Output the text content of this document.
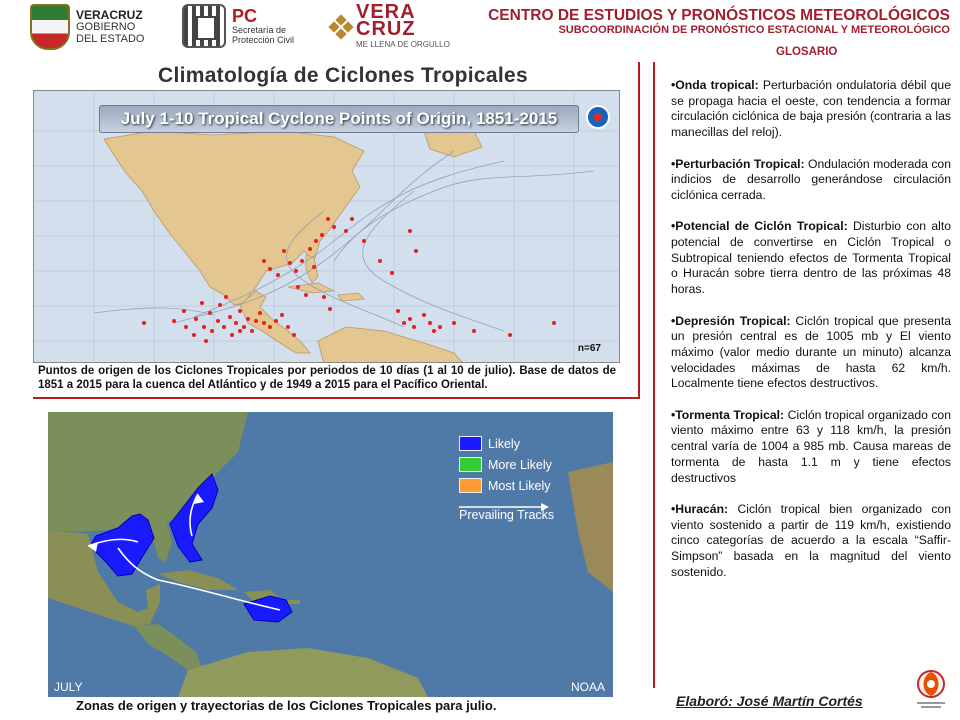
VERACRUZ
GOBIERNO
DEL ESTADO
PC
Secretaría de
Protección Civil
VERA
CRUZ
ME LLENA DE ORGULLO
CENTRO DE ESTUDIOS Y PRONÓSTICOS METEOROLÓGICOS
SUBCOORDINACIÓN DE PRONÓSTICO ESTACIONAL Y METEOROLÓGICO
GLOSARIO
Climatología de Ciclones Tropicales
July 1-10 Tropical Cyclone Points of Origin, 1851-2015
n=67
Puntos de origen de los Ciclones Tropicales por periodos de 10 días (1 al 10 de julio). Base de datos de 1851 a 2015 para la cuenca del Atlántico y de 1949 a 2015 para el Pacífico Oriental.
Likely
More Likely
Most Likely
Prevailing Tracks
JULY	NOAA
Zonas de origen y trayectorias de los Ciclones Tropicales para julio.

•Onda tropical: Perturbación ondulatoria débil que se propaga hacia el oeste, con tendencia a formar circulación ciclónica de baja presión (contraria a las manecillas del reloj).

•Perturbación Tropical: Ondulación moderada con indicios de desarrollo generándose circulación ciclónica cerrada.

•Potencial de Ciclón Tropical: Disturbio con alto potencial de convertirse en Ciclón Tropical o Subtropical teniendo efectos de Tormenta Tropical o Huracán sobre tierra dentro de las próximas 48 horas.

•Depresión Tropical: Ciclón tropical que presenta un presión central es de 1005 mb y El viento máximo (valor medio durante un minuto) alcanza velocidades máximas de hasta 62 km/h. Localmente tiene efectos destructivos.

•Tormenta Tropical: Ciclón tropical organizado con viento máximo entre 63 y 118 km/h, la presión central varía de 1004 a 985 mb. Causa mareas de tormenta de hasta 1.1 m y tiene efectos destructivos

•Huracán: Ciclón tropical bien organizado con viento sostenido a partir de 119 km/h, existiendo cinco categorías de acuerdo a la escala “Saffir-Simpson” basada en la magnitud del viento sostenido.

Elaboró: José Martín Cortés
